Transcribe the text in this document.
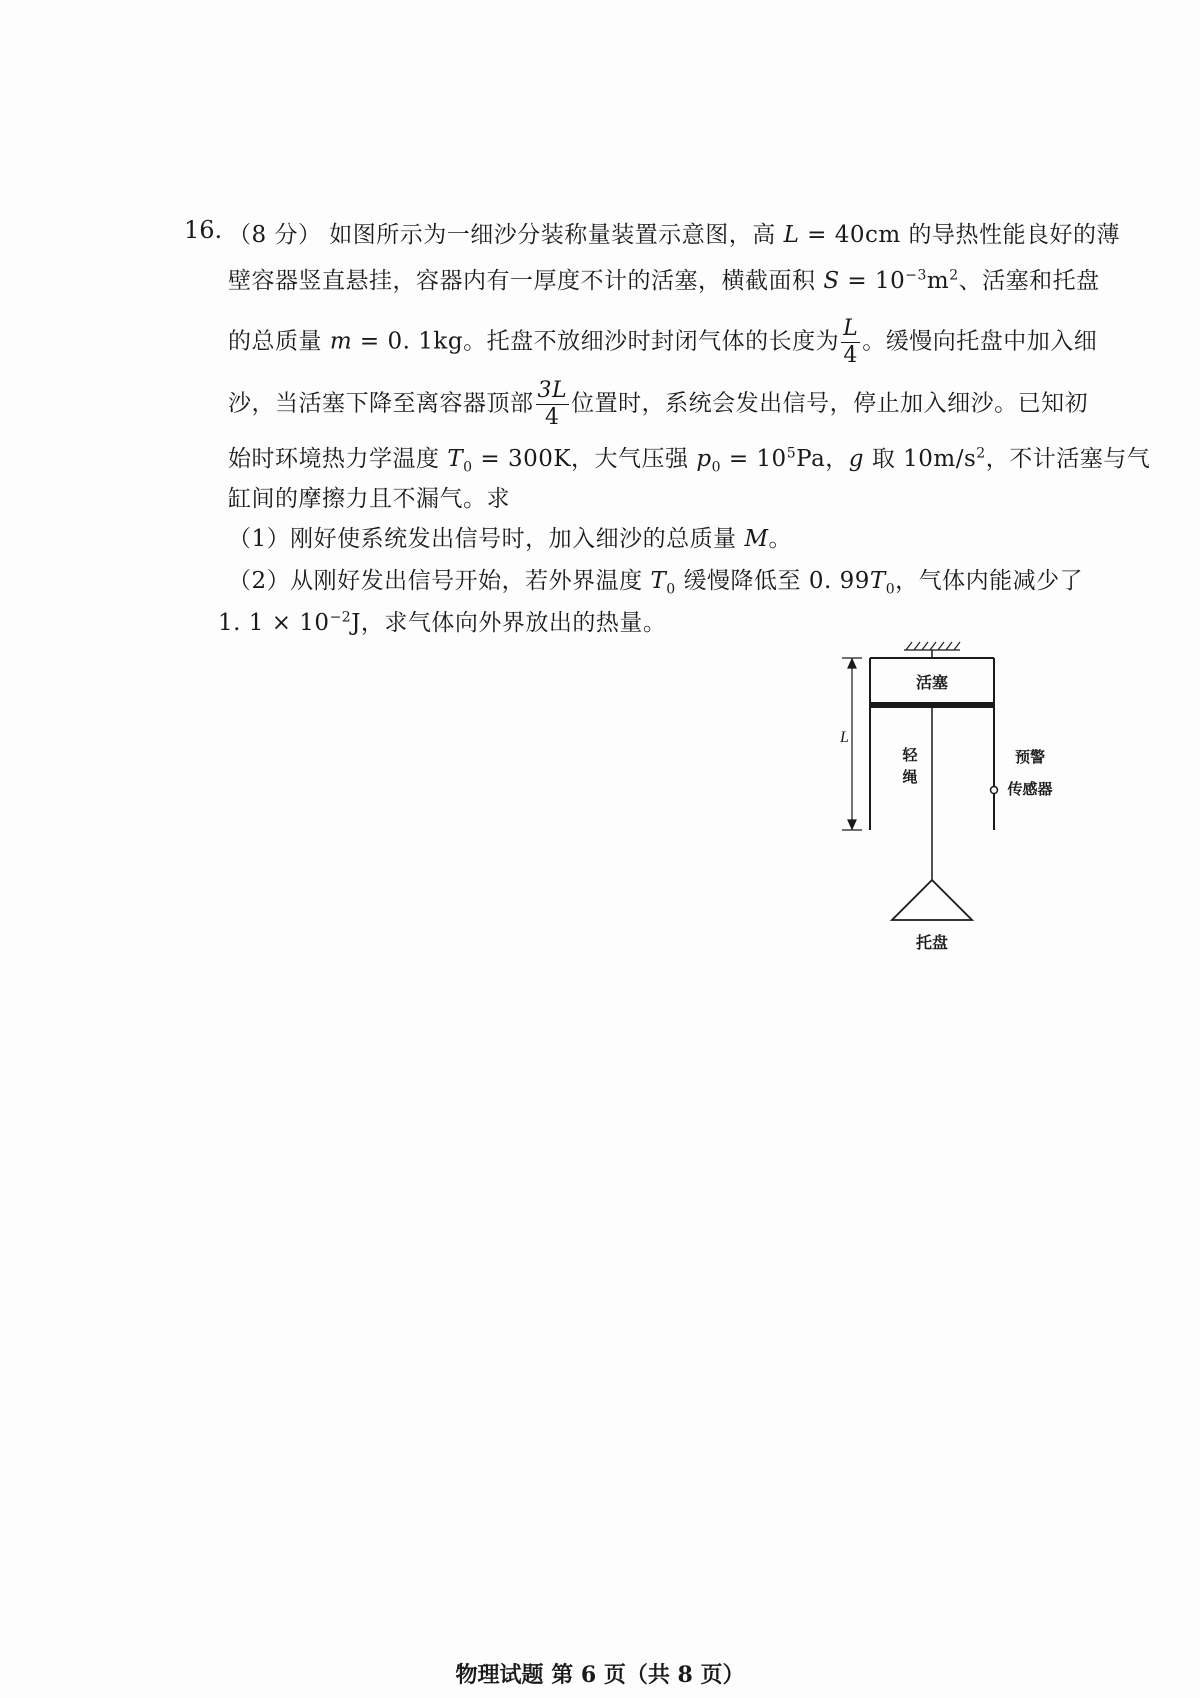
16. （8 分） 如图所示为一细沙分装称量装置示意图，高 L = 40cm 的导热性能良好的薄
壁容器竖直悬挂，容器内有一厚度不计的活塞，横截面积 $S = 10^{-3}m^2$、活塞和托盘
的总质量 m = 0. 1kg。托盘不放细沙时封闭气体的长度为 $\frac{L}{4}$ 。缓慢向托盘中加入细
沙，当活塞下降至离容器顶部 $\frac{3L}{4}$ 位置时，系统会发出信号，停止加入细沙。已知初
始时环境热力学温度 $T_0 = 300K$，大气压强 $p_0 = 10^5Pa$，g 取 $10m/s^2$，不计活塞与气
缸间的摩擦力且不漏气。求
（1）刚好使系统发出信号时，加入细沙的总质量 M。
（2）从刚好发出信号开始，若外界温度 $T_0$ 缓慢降低至 0. $99T_0$，气体内能减少了
1. $1 \times 10^{-2}J$，求气体向外界放出的热量。
活塞
L
轻
绳
预警
传感器
托盘
物理试题 第 6 页（共 8 页）
